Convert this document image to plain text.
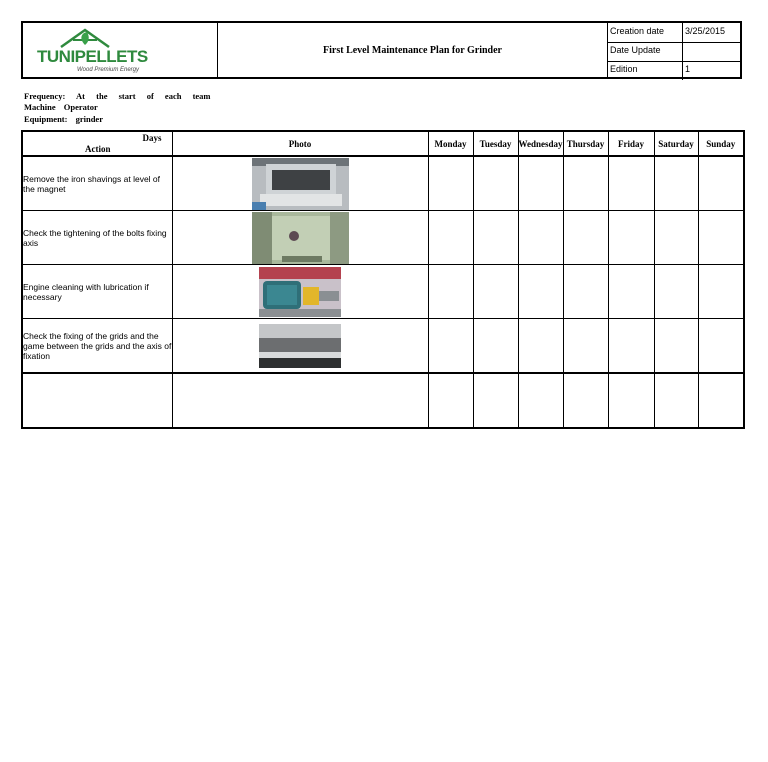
TUNIPELLETS
Wood Premium Energy
First Level Maintenance Plan for Grinder
Creation date 3/25/2015
Date Update
Edition	1
Frequency: At the start of each team
Machine Operator
Equipment: grinder
Days
Action	Photo	Monday	Tuesday	Wednesday	Thursday	Friday	Saturday	Sunday
Remove the iron shavings at level of the magnet								
Check the tightening of the bolts fixing axis								
Engine cleaning with lubrication if necessary								
Check the fixing of the grids and the game between the grids and the axis of fixation								
